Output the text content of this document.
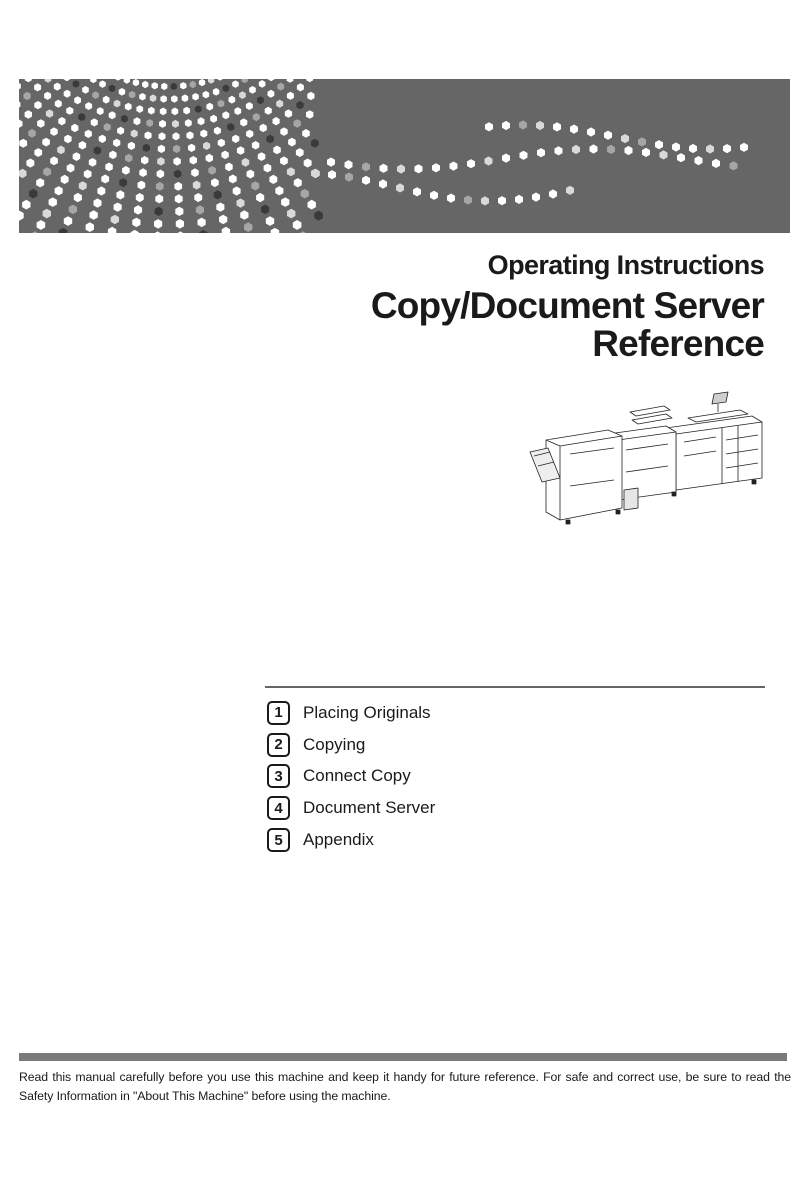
Operating Instructions
Copy/Document Server
Reference
1	Placing Originals
2	Copying
3	Connect Copy
4	Document Server
5	Appendix

Read this manual carefully before you use this machine and keep it handy for future reference. For safe and correct use, be sure to read the Safety Information in "About This Machine" before using the machine.
